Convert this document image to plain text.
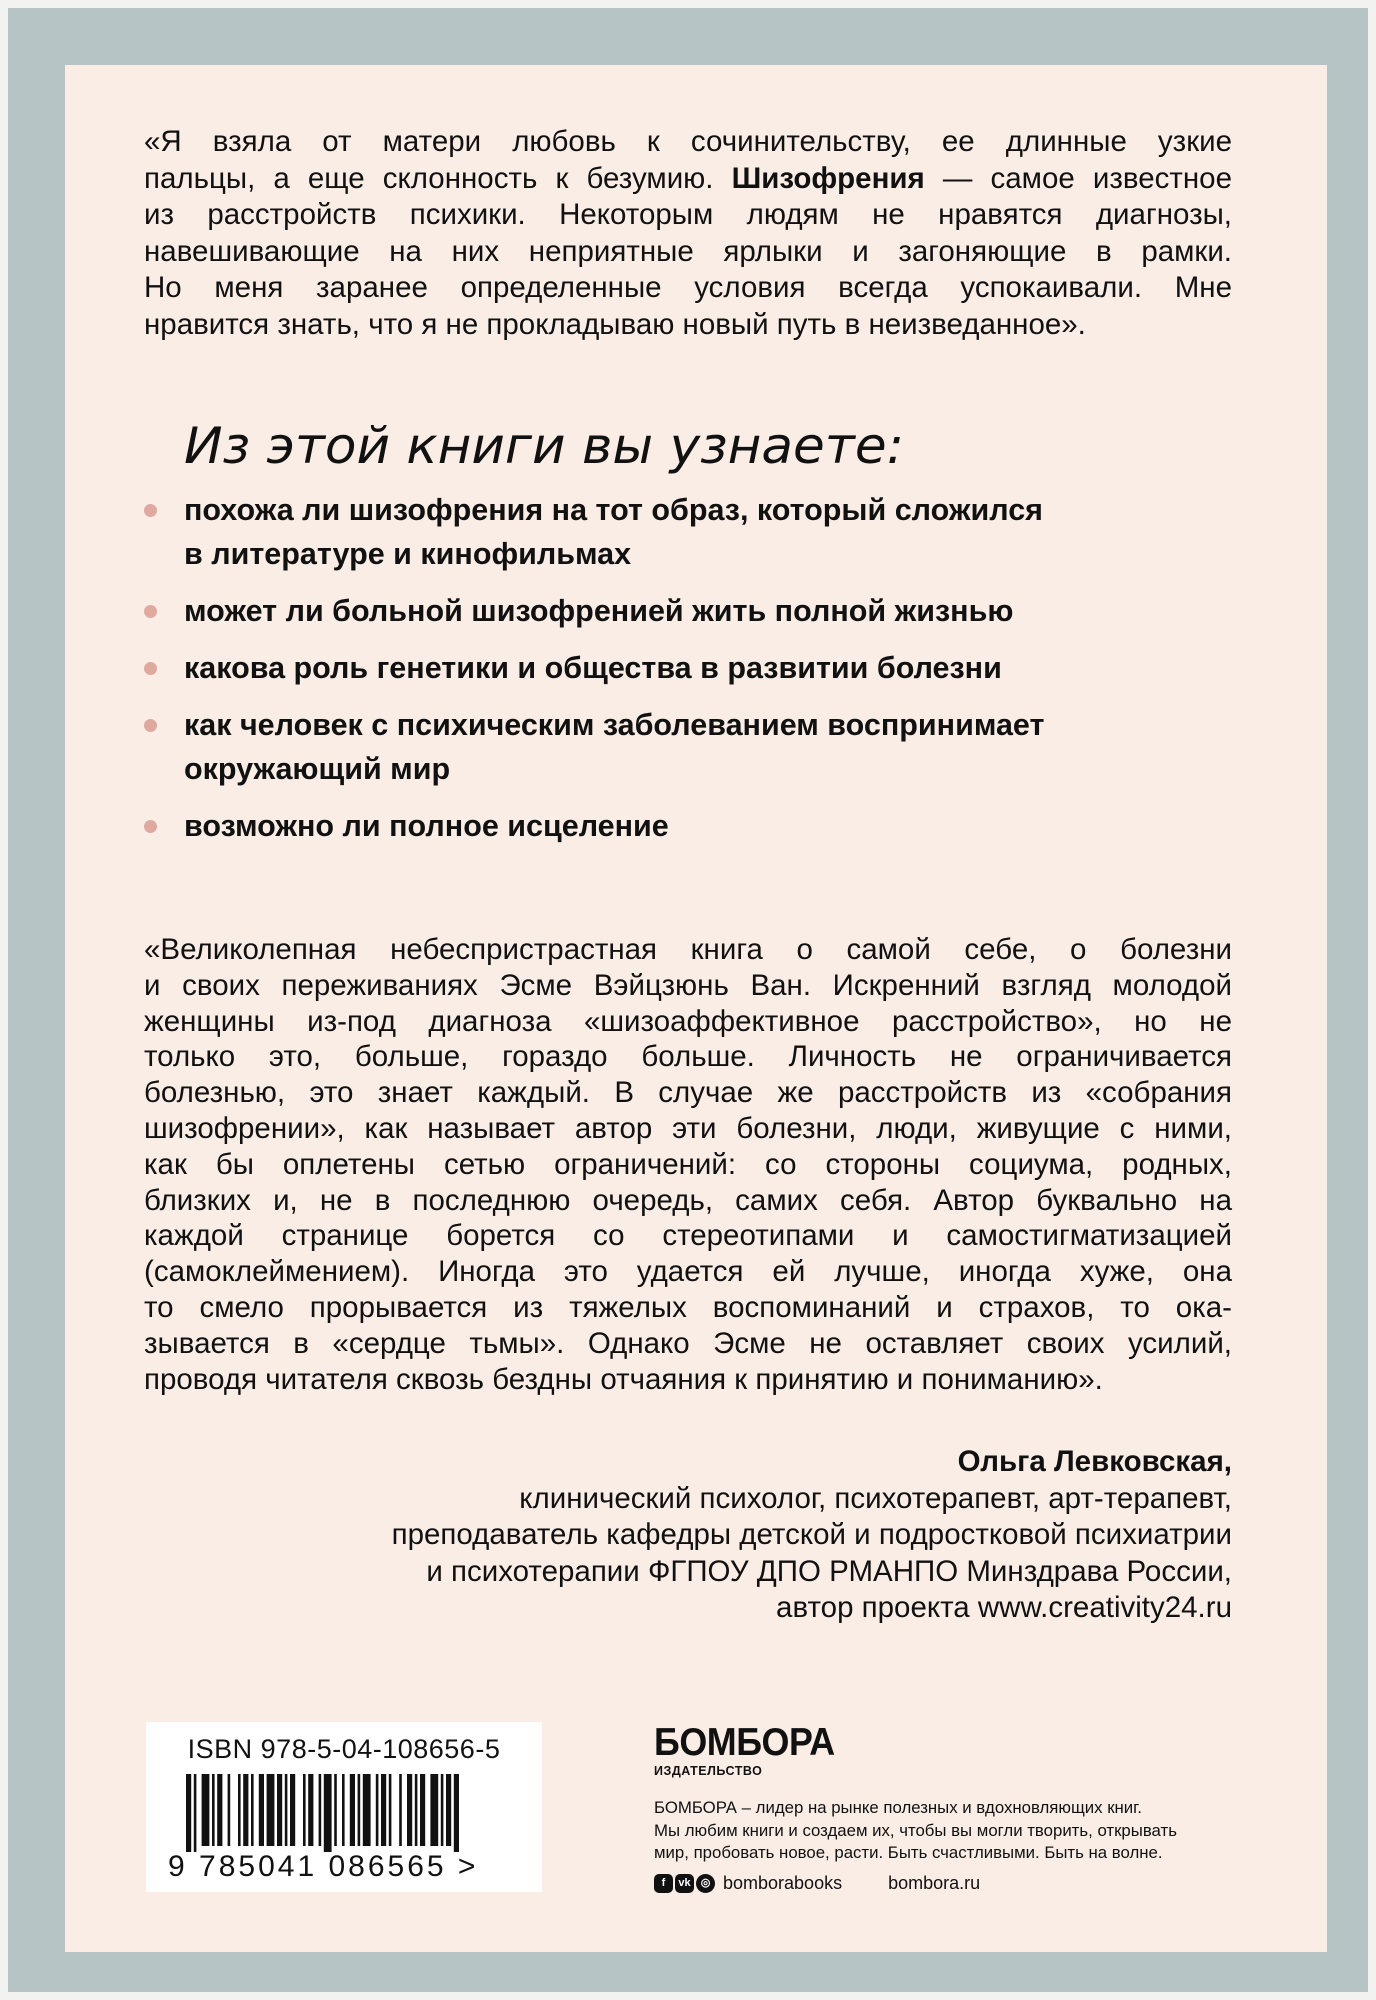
«Я взяла от матери любовь к сочинительству, ее длинные узкие
пальцы, а еще склонность к безумию. Шизофрения — самое известное
из расстройств психики. Некоторым людям не нравятся диагнозы,
навешивающие на них неприятные ярлыки и загоняющие в рамки.
Но меня заранее определенные условия всегда успокаивали. Мне
нравится знать, что я не прокладываю новый путь в неизведанное».
Из этой книги вы узнаете:
похожа ли шизофрения на тот образ, который сложился
в литературе и кинофильмах
может ли больной шизофренией жить полной жизнью
какова роль генетики и общества в развитии болезни
как человек с психическим заболеванием воспринимает
окружающий мир
возможно ли полное исцеление
«Великолепная небеспристрастная книга о самой себе, о болезни
и своих переживаниях Эсме Вэйцзюнь Ван. Искренний взгляд молодой
женщины из-под диагноза «шизоаффективное расстройство», но не
только это, больше, гораздо больше. Личность не ограничивается
болезнью, это знает каждый. В случае же расстройств из «собрания
шизофрении», как называет автор эти болезни, люди, живущие с ними,
как бы оплетены сетью ограничений: со стороны социума, родных,
близких и, не в последнюю очередь, самих себя. Автор буквально на
каждой странице борется со стереотипами и самостигматизацией
(самоклеймением). Иногда это удается ей лучше, иногда хуже, она
то смело прорывается из тяжелых воспоминаний и страхов, то ока-
зывается в «сердце тьмы». Однако Эсме не оставляет своих усилий,
проводя читателя сквозь бездны отчаяния к принятию и пониманию».
Ольга Левковская,
клинический психолог, психотерапевт, арт-терапевт,
преподаватель кафедры детской и подростковой психиатрии
и психотерапии ФГПОУ ДПО РМАНПО Минздрава России,
автор проекта www.creativity24.ru
ISBN 978-5-04-108656-5
9 785041 086565 >
БОМБОРА
ИЗДАТЕЛЬСТВО
БОМБОРА – лидер на рынке полезных и вдохновляющих книг.
Мы любим книги и создаем их, чтобы вы могли творить, открывать
мир, пробовать новое, расти. Быть счастливыми. Быть на волне.
f	vk ◎ bomborabooks	bombora.ru
